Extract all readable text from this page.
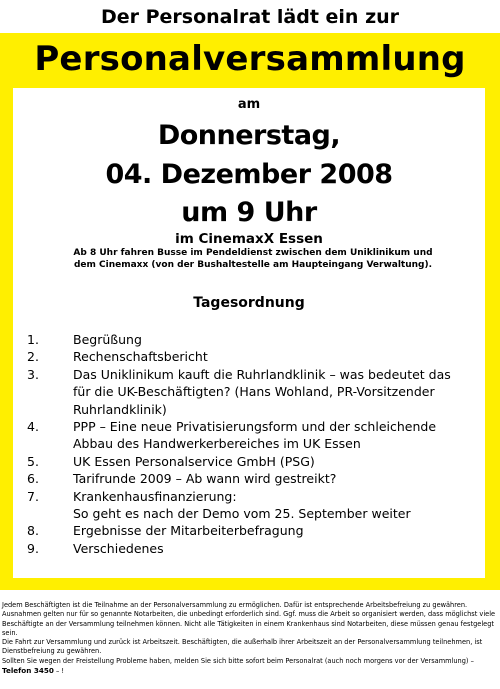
Der Personalrat lädt ein zur
Personalversammlung
am
Donnerstag,
04. Dezember 2008
um 9 Uhr
im CinemaxX Essen
Ab 8 Uhr fahren Busse im Pendeldienst zwischen dem Uniklinikum und dem Cinemaxx (von der Bushaltestelle am Haupteingang Verwaltung).
Tagesordnung
1.	Begrüßung
2.	Rechenschaftsbericht
3.	Das Uniklinikum kauft die Ruhrlandklinik – was bedeutet das
für die UK-Beschäftigten? (Hans Wohland, PR-Vorsitzender
Ruhrlandklinik)
4.	PPP – Eine neue Privatisierungsform und der schleichende
Abbau des Handwerkerbereiches im UK Essen
5.	UK Essen Personalservice GmbH (PSG)
6.	Tarifrunde 2009 – Ab wann wird gestreikt?
7.	Krankenhausfinanzierung:
So geht es nach der Demo vom 25. September weiter
8.	Ergebnisse der Mitarbeiterbefragung
9.	Verschiedenes

Jedem Beschäftigten ist die Teilnahme an der Personalversammlung zu ermöglichen. Dafür ist entsprechende Arbeitsbefreiung zu gewähren. Ausnahmen gelten nur für so genannte Notarbeiten, die unbedingt erforderlich sind. Ggf. muss die Arbeit so organisiert werden, dass möglichst viele Beschäftigte an der Versammlung teilnehmen können. Nicht alle Tätigkeiten in einem Krankenhaus sind Notarbeiten, diese müssen genau festgelegt sein.

Die Fahrt zur Versammlung und zurück ist Arbeitszeit. Beschäftigten, die außerhalb ihrer Arbeitszeit an der Personalversammlung teilnehmen, ist Dienstbefreiung zu gewähren.

Sollten Sie wegen der Freistellung Probleme haben, melden Sie sich bitte sofort beim Personalrat (auch noch morgens vor der Versammlung) – Telefon 3450 – !
